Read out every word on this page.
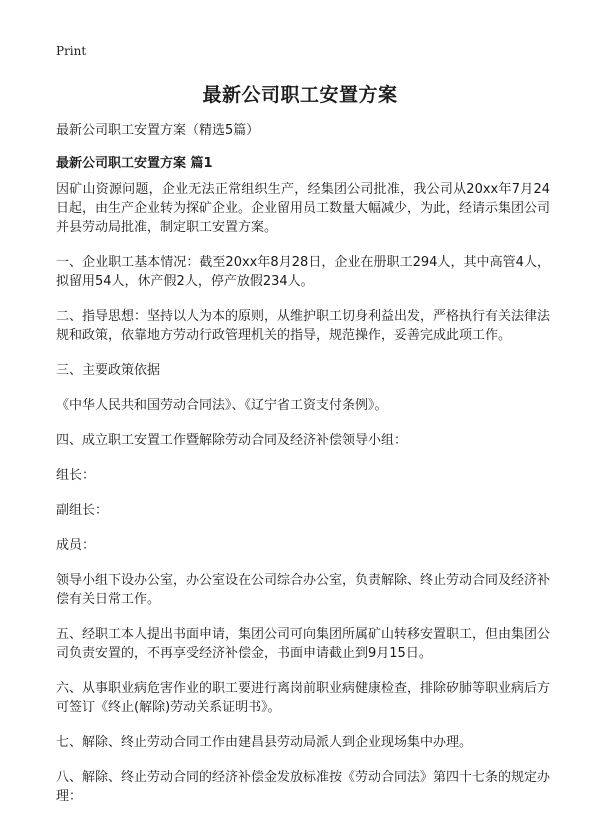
Print
最新公司职工安置方案

最新公司职工安置方案（精选5篇）

最新公司职工安置方案 篇1

因矿山资源问题，企业无法正常组织生产，经集团公司批准，我公司从20xx年7月24日起，由生产企业转为探矿企业。企业留用员工数量大幅减少，为此，经请示集团公司并县劳动局批准，制定职工安置方案。

一、企业职工基本情况：截至20xx年8月28日，企业在册职工294人，其中高管4人，拟留用54人，休产假2人，停产放假234人。

二、指导思想：坚持以人为本的原则，从维护职工切身利益出发，严格执行有关法律法规和政策，依靠地方劳动行政管理机关的指导，规范操作，妥善完成此项工作。

三、主要政策依据

《中华人民共和国劳动合同法》、《辽宁省工资支付条例》。

四、成立职工安置工作暨解除劳动合同及经济补偿领导小组：

组长：

副组长：

成员：

领导小组下设办公室，办公室设在公司综合办公室，负责解除、终止劳动合同及经济补偿有关日常工作。

五、经职工本人提出书面申请，集团公司可向集团所属矿山转移安置职工，但由集团公司负责安置的，不再享受经济补偿金，书面申请截止到9月15日。

六、从事职业病危害作业的职工要进行离岗前职业病健康检查，排除矽肺等职业病后方可签订《终止(解除)劳动关系证明书》。

七、解除、终止劳动合同工作由建昌县劳动局派人到企业现场集中办理。

八、解除、终止劳动合同的经济补偿金发放标准按《劳动合同法》第四十七条的规定办理：
